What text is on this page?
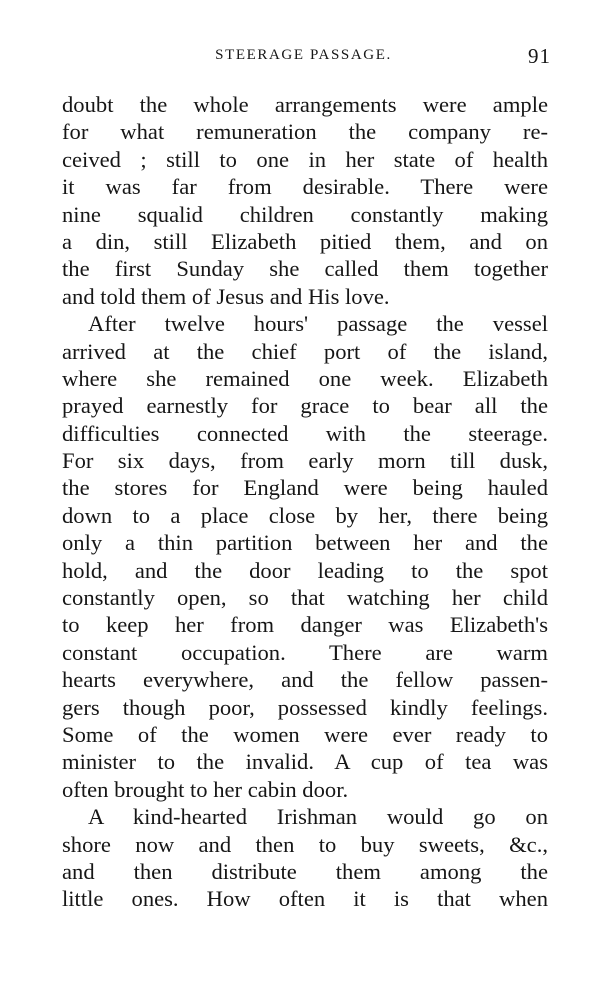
STEERAGE PASSAGE.	91
doubt the whole arrangements were ample
for what remuneration the company re-
ceived ; still to one in her state of health
it was far from desirable. There were
nine squalid children constantly making
a din, still Elizabeth pitied them, and on
the first Sunday she called them together
and told them of Jesus and His love.
After twelve hours' passage the vessel
arrived at the chief port of the island,
where she remained one week. Elizabeth
prayed earnestly for grace to bear all the
difficulties connected with the steerage.
For six days, from early morn till dusk,
the stores for England were being hauled
down to a place close by her, there being
only a thin partition between her and the
hold, and the door leading to the spot
constantly open, so that watching her child
to keep her from danger was Elizabeth's
constant occupation. There are warm
hearts everywhere, and the fellow passen-
gers though poor, possessed kindly feelings.
Some of the women were ever ready to
minister to the invalid. A cup of tea was
often brought to her cabin door.
A kind-hearted Irishman would go on
shore now and then to buy sweets, &c.,
and then distribute them among the
little ones. How often it is that when
